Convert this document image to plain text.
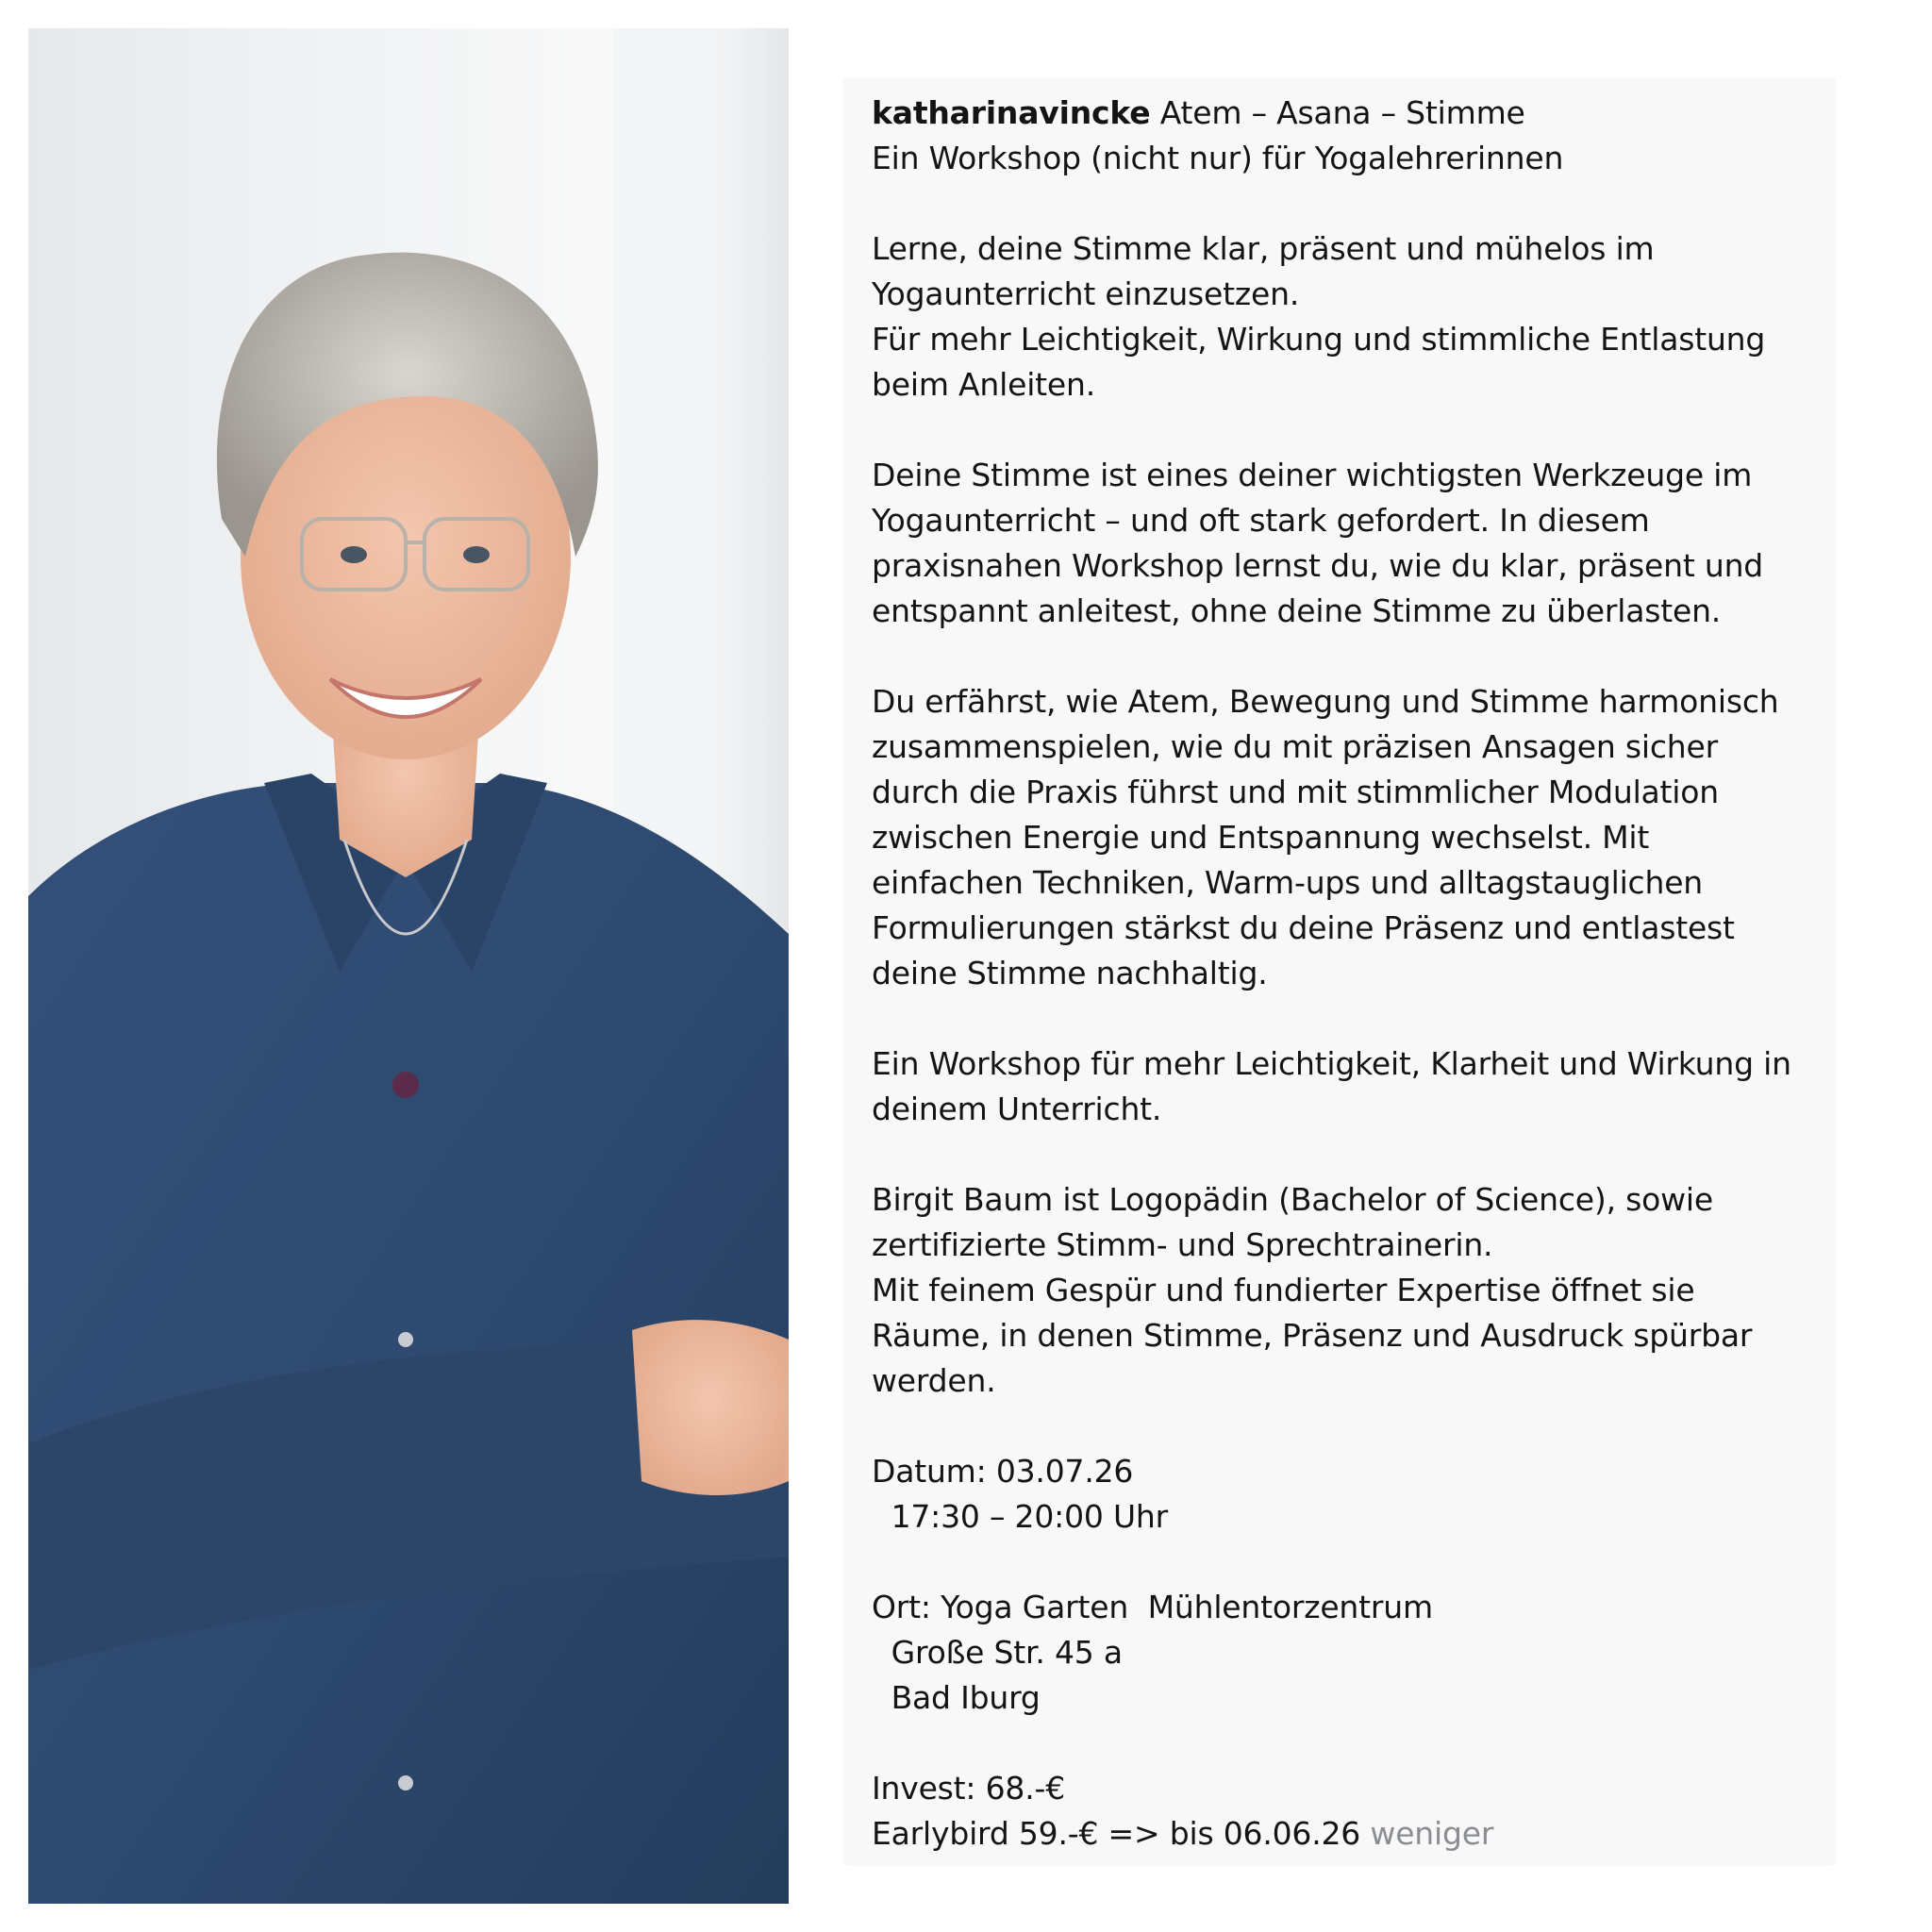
katharinavincke Atem – Asana – Stimme
Ein Workshop (nicht nur) für Yogalehrerinnen
Lerne, deine Stimme klar, präsent und mühelos im
Yogaunterricht einzusetzen.
Für mehr Leichtigkeit, Wirkung und stimmliche Entlastung
beim Anleiten.
Deine Stimme ist eines deiner wichtigsten Werkzeuge im
Yogaunterricht – und oft stark gefordert. In diesem
praxisnahen Workshop lernst du, wie du klar, präsent und
entspannt anleitest, ohne deine Stimme zu überlasten.
Du erfährst, wie Atem, Bewegung und Stimme harmonisch
zusammenspielen, wie du mit präzisen Ansagen sicher
durch die Praxis führst und mit stimmlicher Modulation
zwischen Energie und Entspannung wechselst. Mit
einfachen Techniken, Warm-ups und alltagstauglichen
Formulierungen stärkst du deine Präsenz und entlastest
deine Stimme nachhaltig.
Ein Workshop für mehr Leichtigkeit, Klarheit und Wirkung in
deinem Unterricht.
Birgit Baum ist Logopädin (Bachelor of Science), sowie
zertifizierte Stimm- und Sprechtrainerin.
Mit feinem Gespür und fundierter Expertise öffnet sie
Räume, in denen Stimme, Präsenz und Ausdruck spürbar
werden.
Datum: 03.07.26
17:30 – 20:00 Uhr
Ort: Yoga Garten  Mühlentorzentrum
Große Str. 45 a
Bad Iburg
Invest: 68.-€
Earlybird 59.-€ => bis 06.06.26 weniger
